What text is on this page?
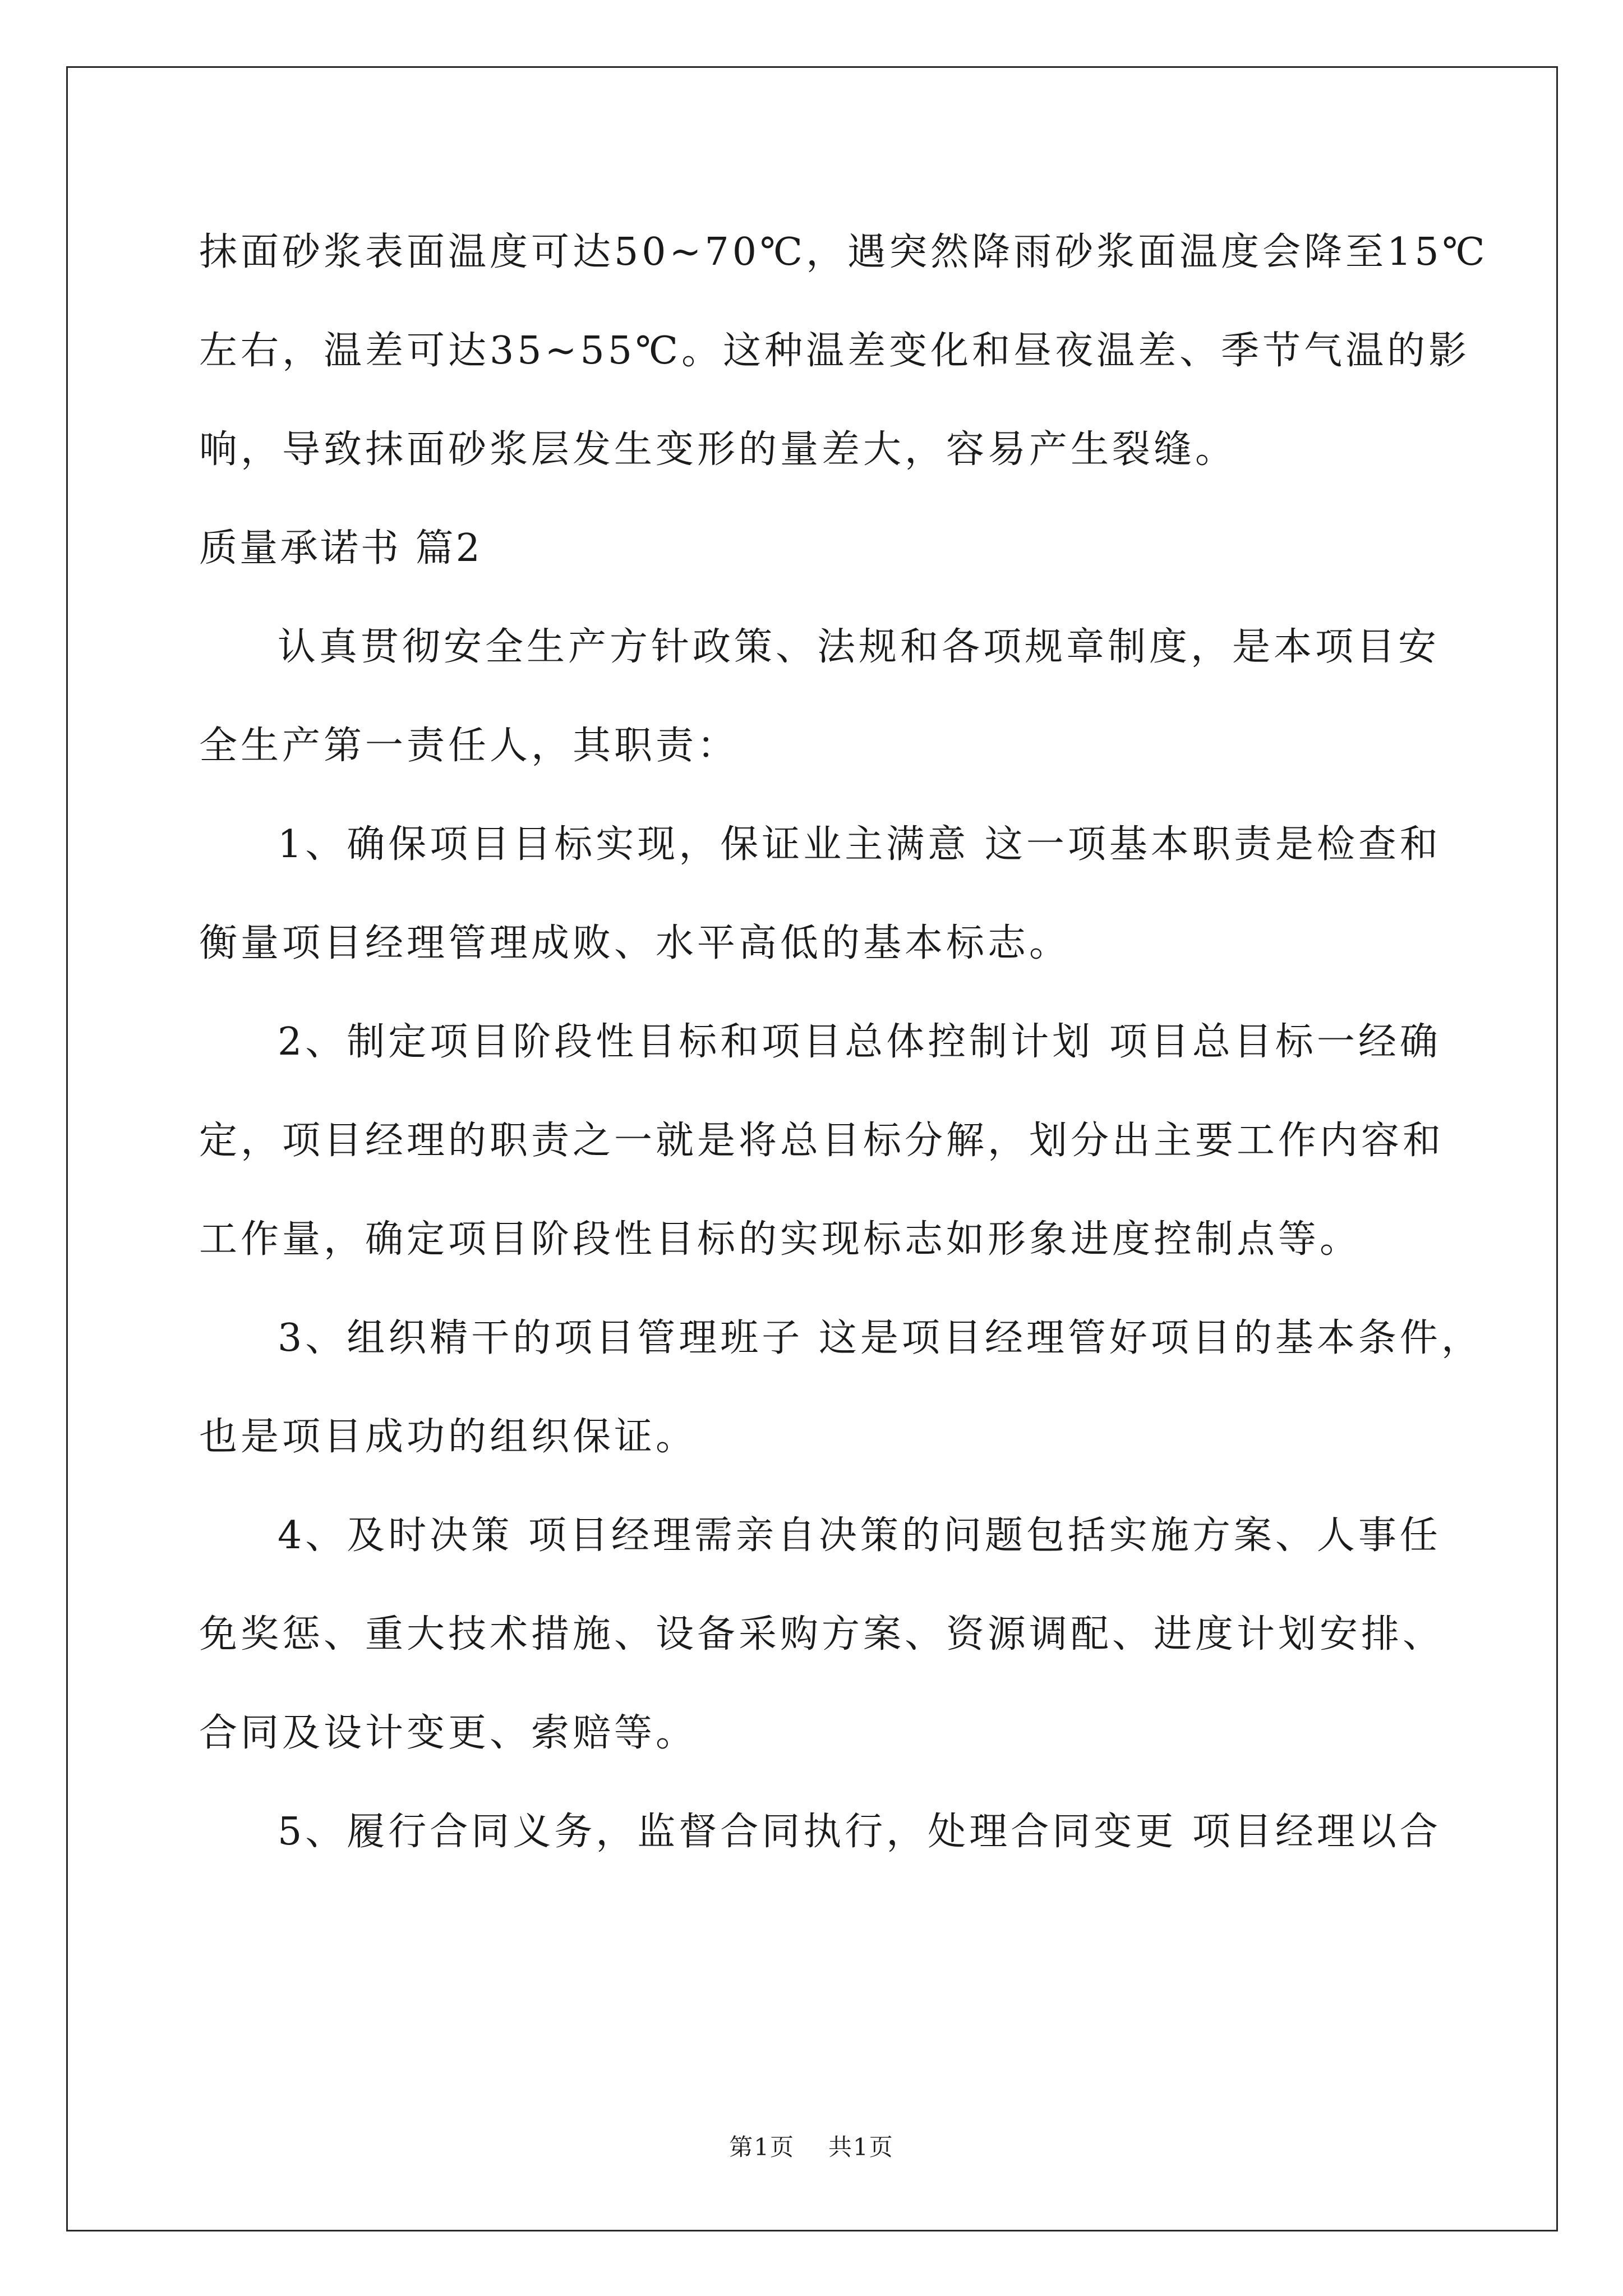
抹面砂浆表面温度可达50~70℃，遇突然降雨砂浆面温度会降至15℃
左右，温差可达35~55℃。这种温差变化和昼夜温差、季节气温的影
响，导致抹面砂浆层发生变形的量差大，容易产生裂缝。
质量承诺书 篇2
认真贯彻安全生产方针政策、法规和各项规章制度，是本项目安
全生产第一责任人，其职责：
1、确保项目目标实现，保证业主满意 这一项基本职责是检查和
衡量项目经理管理成败、水平高低的基本标志。
2、制定项目阶段性目标和项目总体控制计划 项目总目标一经确
定，项目经理的职责之一就是将总目标分解，划分出主要工作内容和
工作量，确定项目阶段性目标的实现标志如形象进度控制点等。
3、组织精干的项目管理班子 这是项目经理管好项目的基本条件，
也是项目成功的组织保证。
4、及时决策 项目经理需亲自决策的问题包括实施方案、人事任
免奖惩、重大技术措施、设备采购方案、资源调配、进度计划安排、
合同及设计变更、索赔等。
5、履行合同义务，监督合同执行，处理合同变更 项目经理以合
第1页 共1页
